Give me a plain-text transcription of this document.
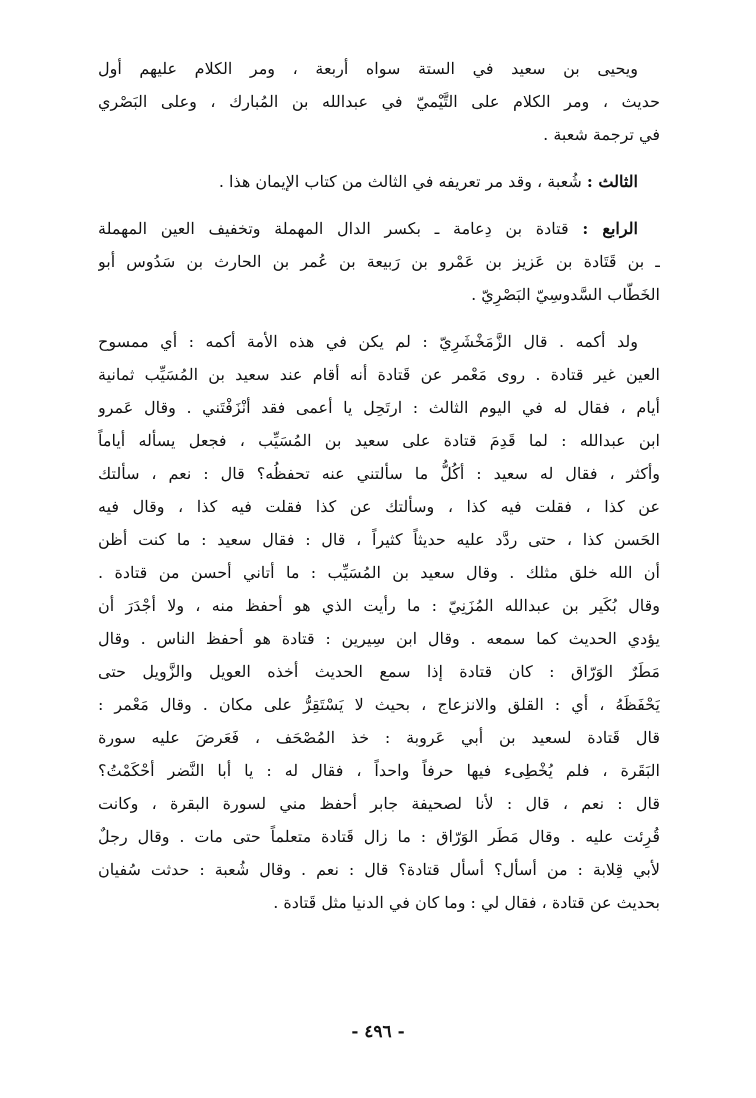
ويحيى بن سعيد في الستة سواه أربعة ، ومر الكلام عليهم أول
حديث ، ومر الكلام على التَّيْميّ في عبدالله بن المُبارك ، وعلى البَصْري
في ترجمة شعبة .
الثالث : شُعبة ، وقد مر تعريفه في الثالث من كتاب الإيمان هذا .
الرابع : قتادة بن دِعامة ـ بكسر الدال المهملة وتخفيف العين المهملة
ـ بن قَتَادة بن عَزيز بن عَمْرو بن رَبيعة بن عُمر بن الحارث بن سَدُوس أبو
الخَطّاب السَّدوسِيّ البَصْرِيّ .
ولد أكمه . قال الزَّمَخْشَرِيّ : لم يكن في هذه الأمة أكمه : أي ممسوح
العين غير قتادة . روى مَعْمر عن قَتادة أنه أقام عند سعيد بن المُسَيِّب ثمانية
أيام ، فقال له في اليوم الثالث : ارتَحِل يا أعمى فقد أنْزَفْتَني . وقال عَمرو
ابن عبدالله : لما قَدِمَ قتادة على سعيد بن المُسَيِّب ، فجعل يسأله أياماً
وأكثر ، فقال له سعيد : أكُلُّ ما سألتني عنه تحفظُه؟ قال : نعم ، سألتك
عن كذا ، فقلت فيه كذا ، وسألتك عن كذا فقلت فيه كذا ، وقال فيه
الحَسن كذا ، حتى ردَّد عليه حديثاً كثيراً ، قال : فقال سعيد : ما كنت أظن
أن الله خلق مثلك . وقال سعيد بن المُسَيِّب : ما أتاني أحسن من قتادة .
وقال بُكَير بن عبدالله المُزَنِيّ : ما رأيت الذي هو أحفظ منه ، ولا أجْدَرَ أن
يؤدي الحديث كما سمعه . وقال ابن سِيرين : قتادة هو أحفظ الناس . وقال
مَطَرٌ الوَرّاق : كان قتادة إذا سمع الحديث أخذه العويل والزَّويل حتى
يَحْفَظَهُ ، أي : القلق والانزعاج ، بحيث لا يَسْتَقِرُّ على مكان . وقال مَعْمر :
قال قَتادة لسعيد بن أبي عَروبة : خذ المُصْحَف ، فَعَرضَ عليه سورة
البَقَرة ، فلم يُخْطِىء فيها حرفاً واحداً ، فقال له : يا أبا النَّضر أحْكَمْتُ؟
قال : نعم ، قال : لأنا لصحيفة جابر أحفظ مني لسورة البقرة ، وكانت
قُرِئت عليه . وقال مَطَر الوَرّاق : ما زال قَتادة متعلماً حتى مات . وقال رجلٌ
لأبي قِلابة : من أسأل؟ أسأل قتادة؟ قال : نعم . وقال شُعبة : حدثت سُفيان
بحديث عن قتادة ، فقال لي : وما كان في الدنيا مثل قَتادة .
- ٤٩٦ -
